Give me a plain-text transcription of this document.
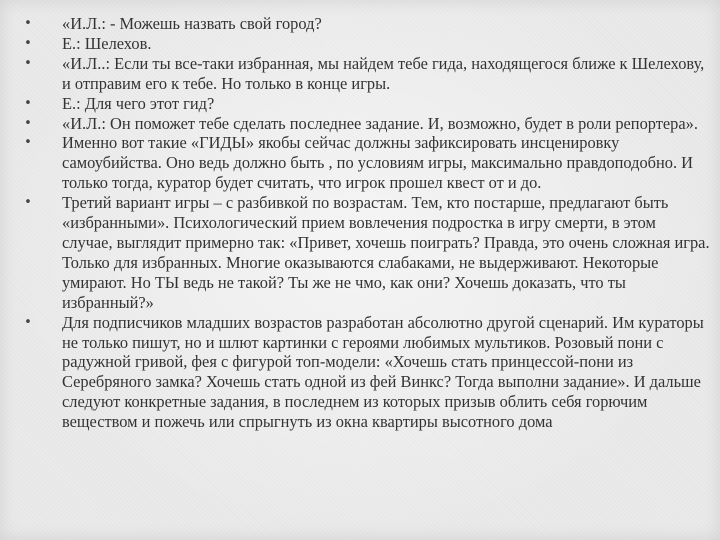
• «И.Л.: - Можешь назвать свой город?
• Е.: Шелехов.
• «И.Л..: Если ты все-таки избранная, мы найдем тебе гида, находящегося ближе к Шелехову, и отправим его к тебе. Но только в конце игры.
• Е.: Для чего этот гид?
• «И.Л.: Он поможет тебе сделать последнее задание. И, возможно, будет в роли репортера».
• Именно вот такие «ГИДЫ» якобы сейчас должны зафиксировать инсценировку самоубийства. Оно ведь должно быть , по условиям игры, максимально правдоподобно. И только тогда, куратор будет считать, что игрок прошел квест от и до.
• Третий вариант игры – с разбивкой по возрастам. Тем, кто постарше, предлагают быть «избранными». Психологический прием вовлечения подростка в игру смерти, в этом случае, выглядит примерно так: «Привет, хочешь поиграть? Правда, это очень сложная игра. Только для избранных. Многие оказываются слабаками, не выдерживают. Некоторые умирают. Но ТЫ ведь не такой? Ты же не чмо, как они? Хочешь доказать, что ты избранный?»
• Для подписчиков младших возрастов разработан абсолютно другой сценарий. Им кураторы не только пишут, но и шлют картинки с героями любимых мультиков. Розовый пони с радужной гривой, фея с фигурой топ-модели: «Хочешь стать принцессой-пони из Серебряного замка? Хочешь стать одной из фей Винкс? Тогда выполни задание». И дальше следуют конкретные задания, в последнем из которых призыв облить себя горючим веществом и пожечь или спрыгнуть из окна квартиры высотного дома
